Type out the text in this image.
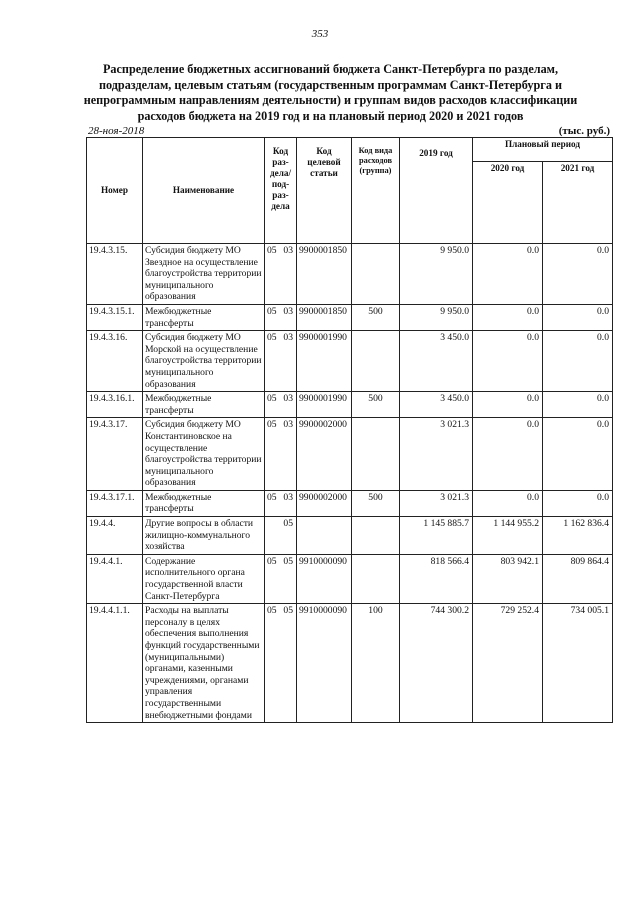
353
Распределение бюджетных ассигнований бюджета Санкт-Петербурга по разделам, подразделам, целевым статьям (государственным программам Санкт-Петербурга и непрограммным направлениям деятельности) и группам видов расходов классификации расходов бюджета на 2019 год и на плановый период 2020 и 2021 годов
28-ноя-2018	(тыс. руб.)
Номер	Наименование	Код раз- дела/ под- раз- дела	Код целевой статьи	Код вида расходов (группа)	2019 год	Плановый период	
						2020 год	2021 год
19.4.3.15.	Субсидия бюджету МО Звездное на осуществление благоустройства территории муниципального образования	05 03	9900001850		9 950.0	0.0	0.0
19.4.3.15.1.	Межбюджетные трансферты	05 03	9900001850	500	9 950.0	0.0	0.0
19.4.3.16.	Субсидия бюджету МО Морской на осуществление благоустройства территории муниципального образования	05 03	9900001990		3 450.0	0.0	0.0
19.4.3.16.1.	Межбюджетные трансферты	05 03	9900001990	500	3 450.0	0.0	0.0
19.4.3.17.	Субсидия бюджету МО Константиновское на осуществление благоустройства территории муниципального образования	05 03	9900002000		3 021.3	0.0	0.0
19.4.3.17.1.	Межбюджетные трансферты	05 03	9900002000	500	3 021.3	0.0	0.0
19.4.4.	Другие вопросы в области жилищно-коммунального хозяйства	05			1 145 885.7	1 144 955.2	1 162 836.4
19.4.4.1.	Содержание исполнительного органа государственной власти Санкт-Петербурга	05 05	9910000090		818 566.4	803 942.1	809 864.4
19.4.4.1.1.	Расходы на выплаты персоналу в целях обеспечения выполнения функций государственными (муниципальными) органами, казенными учреждениями, органами управления государственными внебюджетными фондами	05 05	9910000090	100	744 300.2	729 252.4	734 005.1
